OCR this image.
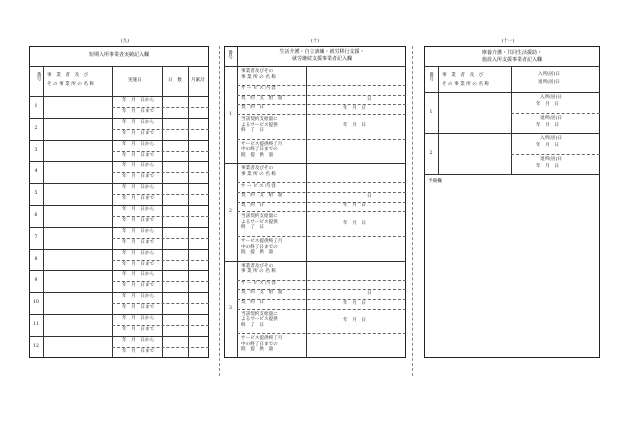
(九)	(十)	(十一)
短期入所事業者実績記入欄
番号 事　業　者　及　び
そ の 事 業 所 の 名 称
実施日	日　数 月累計
番号	生活介護・自立訓練・就労移行支援・
就労継続支援事業者記入欄
療養介護・共同生活援助・
施設入所支援事業者記入欄
番号 事　業　者　及　び
そ の 事 業 所 の 名 称
入所(居)日
退所(居)日
予備欄
1
年　月　日から
年　月　日まで
2
年　月　日から
年　月　日まで
3
年　月　日から
年　月　日まで
4
年　月　日から
年　月　日まで
5
年　月　日から
年　月　日まで
6
年　月　日から
年　月　日まで
7
年　月　日から
年　月　日まで
8
年　月　日から
年　月　日まで
9
年　月　日から
年　月　日まで
10
年　月　日から
年　月　日まで
11
年　月　日から
年　月　日まで
12
年　月　日から
年　月　日まで
1
事業者及びその
事 業 所 の 名 称
サ ー ビ ス 内 容
契　約　支　給　量	日
契　約　日	年　月　日
当該契約支給量に
よるサービス提供
終　了　日
年　月　日
サービス提供終了月
中の終了日までの
既　提　供　量
2
事業者及びその
事 業 所 の 名 称
サ ー ビ ス 内 容
契　約　支　給　量	日
契　約　日	年　月　日
当該契約支給量に
よるサービス提供
終　了　日
年　月　日
サービス提供終了月
中の終了日までの
既　提　供　量
3
事業者及びその
事 業 所 の 名 称
サ ー ビ ス 内 容
契　約　支　給　量	日
契　約　日	年　月　日
当該契約支給量に
よるサービス提供
終　了　日
年　月　日
サービス提供終了月
中の終了日までの
既　提　供　量
1
入所(居)日
年　月　日
退所(居)日
年　月　日
2
入所(居)日
年　月　日
退所(居)日
年　月　日
